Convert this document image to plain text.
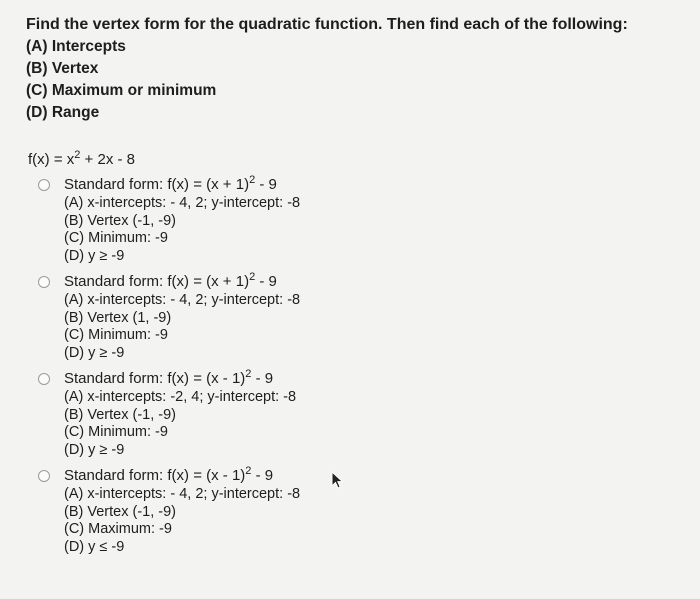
Find the vertex form for the quadratic function. Then find each of the following:

(A) Intercepts
(B) Vertex
(C) Maximum or minimum
(D) Range
$f(x) = x^2 + 2x - 8$
Standard form: $f(x) = (x + 1)^2 - 9$
(A) x-intercepts: - 4, 2; y-intercept: -8
(B) Vertex (-1, -9)
(C) Minimum: -9
(D) y ≥ -9
Standard form: $f(x) = (x + 1)^2 - 9$
(A) x-intercepts: - 4, 2; y-intercept: -8
(B) Vertex (1, -9)
(C) Minimum: -9
(D) y ≥ -9
Standard form: f(x) = (x - 1)$^2$ - 9
(A) x-intercepts: -2, 4; y-intercept: -8
(B) Vertex (-1, -9)
(C) Minimum: -9
(D) y ≥ -9
Standard form: f(x) = (x - 1)$^2$ - 9
(A) x-intercepts: - 4, 2; y-intercept: -8
(B) Vertex (-1, -9)
(C) Maximum: -9
(D) y ≤ -9
